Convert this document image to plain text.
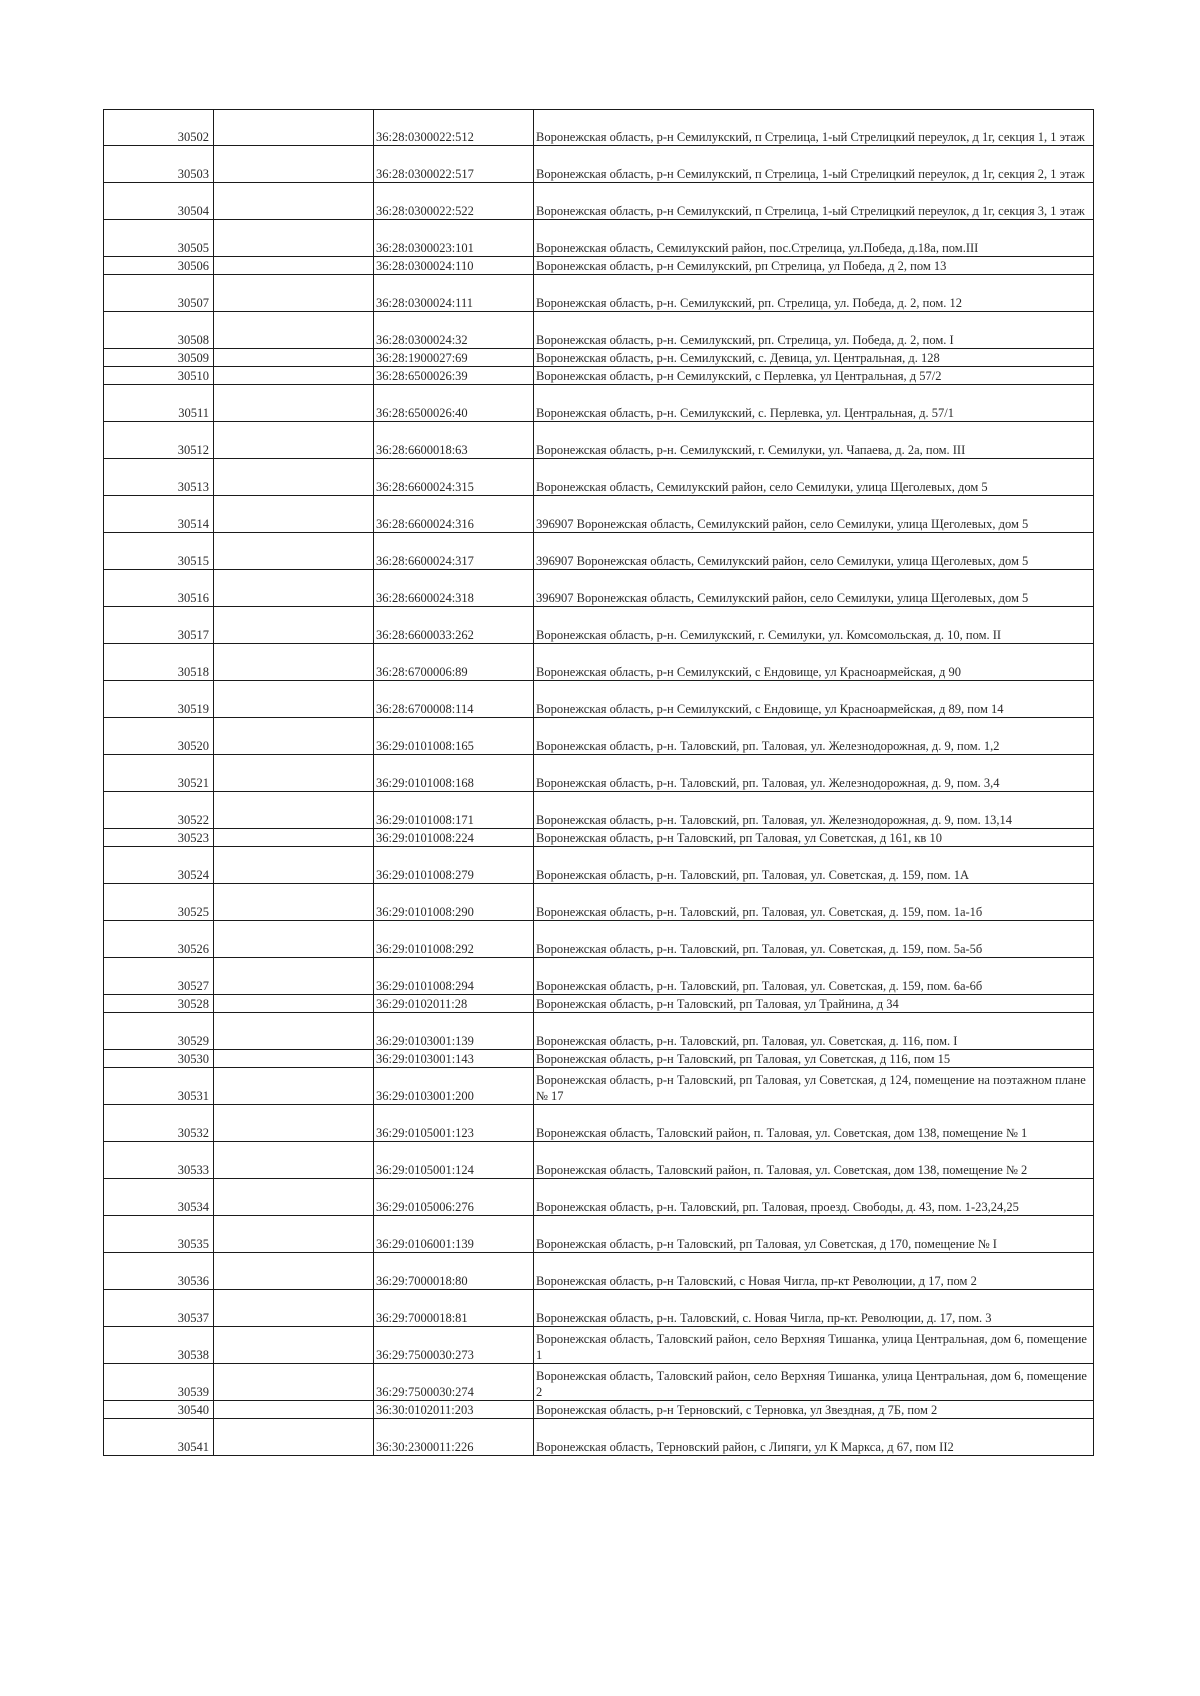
30502		36:28:0300022:512	Воронежская область, р-н Семилукский, п Стрелица, 1-ый Стрелицкий переулок, д 1г, секция 1, 1 этаж
30503		36:28:0300022:517	Воронежская область, р-н Семилукский, п Стрелица, 1-ый Стрелицкий переулок, д 1г, секция 2, 1 этаж
30504		36:28:0300022:522	Воронежская область, р-н Семилукский, п Стрелица, 1-ый Стрелицкий переулок, д 1г, секция 3, 1 этаж
30505		36:28:0300023:101	Воронежская область, Семилукский район, пос.Стрелица, ул.Победа, д.18а, пом.III
30506		36:28:0300024:110	Воронежская область, р-н Семилукский, рп Стрелица, ул Победа, д 2, пом 13
30507		36:28:0300024:111	Воронежская область, р-н. Семилукский, рп. Стрелица, ул. Победа, д. 2, пом. 12
30508		36:28:0300024:32	Воронежская область, р-н. Семилукский, рп. Стрелица, ул. Победа, д. 2, пом. I
30509		36:28:1900027:69	Воронежская область, р-н. Семилукский, с. Девица, ул. Центральная, д. 128
30510		36:28:6500026:39	Воронежская область, р-н Семилукский, с Перлевка, ул Центральная, д 57/2
30511		36:28:6500026:40	Воронежская область, р-н. Семилукский, с. Перлевка, ул. Центральная, д. 57/1
30512		36:28:6600018:63	Воронежская область, р-н. Семилукский, г. Семилуки, ул. Чапаева, д. 2а, пом. III
30513		36:28:6600024:315	Воронежская область, Семилукский район, село Семилуки, улица Щеголевых, дом 5
30514		36:28:6600024:316	396907 Воронежская область, Семилукский район, село Семилуки, улица Щеголевых, дом 5
30515		36:28:6600024:317	396907 Воронежская область, Семилукский район, село Семилуки, улица Щеголевых, дом 5
30516		36:28:6600024:318	396907 Воронежская область, Семилукский район, село Семилуки, улица Щеголевых, дом 5
30517		36:28:6600033:262	Воронежская область, р-н. Семилукский, г. Семилуки, ул. Комсомольская, д. 10, пом. II
30518		36:28:6700006:89	Воронежская область, р-н Семилукский, с Ендовище, ул Красноармейская, д 90
30519		36:28:6700008:114	Воронежская область, р-н Семилукский, с Ендовище, ул Красноармейская, д 89, пом 14
30520		36:29:0101008:165	Воронежская область, р-н. Таловский, рп. Таловая, ул. Железнодорожная, д. 9, пом. 1,2
30521		36:29:0101008:168	Воронежская область, р-н. Таловский, рп. Таловая, ул. Железнодорожная, д. 9, пом. 3,4
30522		36:29:0101008:171	Воронежская область, р-н. Таловский, рп. Таловая, ул. Железнодорожная, д. 9, пом. 13,14
30523		36:29:0101008:224	Воронежская область, р-н Таловский, рп Таловая, ул Советская, д 161, кв 10
30524		36:29:0101008:279	Воронежская область, р-н. Таловский, рп. Таловая, ул. Советская, д. 159, пом. 1А
30525		36:29:0101008:290	Воронежская область, р-н. Таловский, рп. Таловая, ул. Советская, д. 159, пом. 1а-1б
30526		36:29:0101008:292	Воронежская область, р-н. Таловский, рп. Таловая, ул. Советская, д. 159, пом. 5а-5б
30527		36:29:0101008:294	Воронежская область, р-н. Таловский, рп. Таловая, ул. Советская, д. 159, пом. 6а-6б
30528		36:29:0102011:28	Воронежская область, р-н Таловский, рп Таловая, ул Трайнина, д 34
30529		36:29:0103001:139	Воронежская область, р-н. Таловский, рп. Таловая, ул. Советская, д. 116, пом. I
30530		36:29:0103001:143	Воронежская область, р-н Таловский, рп Таловая, ул Советская, д 116, пом 15
30531		36:29:0103001:200	Воронежская область, р-н Таловский, рп Таловая, ул Советская, д 124, помещение на поэтажном плане № 17
30532		36:29:0105001:123	Воронежская область, Таловский район, п. Таловая, ул. Советская, дом 138, помещение № 1
30533		36:29:0105001:124	Воронежская область, Таловский район, п. Таловая, ул. Советская, дом 138, помещение № 2
30534		36:29:0105006:276	Воронежская область, р-н. Таловский, рп. Таловая, проезд. Свободы, д. 43, пом. 1-23,24,25
30535		36:29:0106001:139	Воронежская область, р-н Таловский, рп Таловая, ул Советская, д 170, помещение № I
30536		36:29:7000018:80	Воронежская область, р-н Таловский, с Новая Чигла, пр-кт Революции, д 17, пом 2
30537		36:29:7000018:81	Воронежская область, р-н. Таловский, с. Новая Чигла, пр-кт. Революции, д. 17, пом. 3
30538		36:29:7500030:273	Воронежская область, Таловский район, село Верхняя Тишанка, улица Центральная, дом 6, помещение 1
30539		36:29:7500030:274	Воронежская область, Таловский район, село Верхняя Тишанка, улица Центральная, дом 6, помещение 2
30540		36:30:0102011:203	Воронежская область, р-н Терновский, с Терновка, ул Звездная, д 7Б, пом 2
30541		36:30:2300011:226	Воронежская область, Терновский район, с Липяги, ул К Маркса, д 67, пом II2
